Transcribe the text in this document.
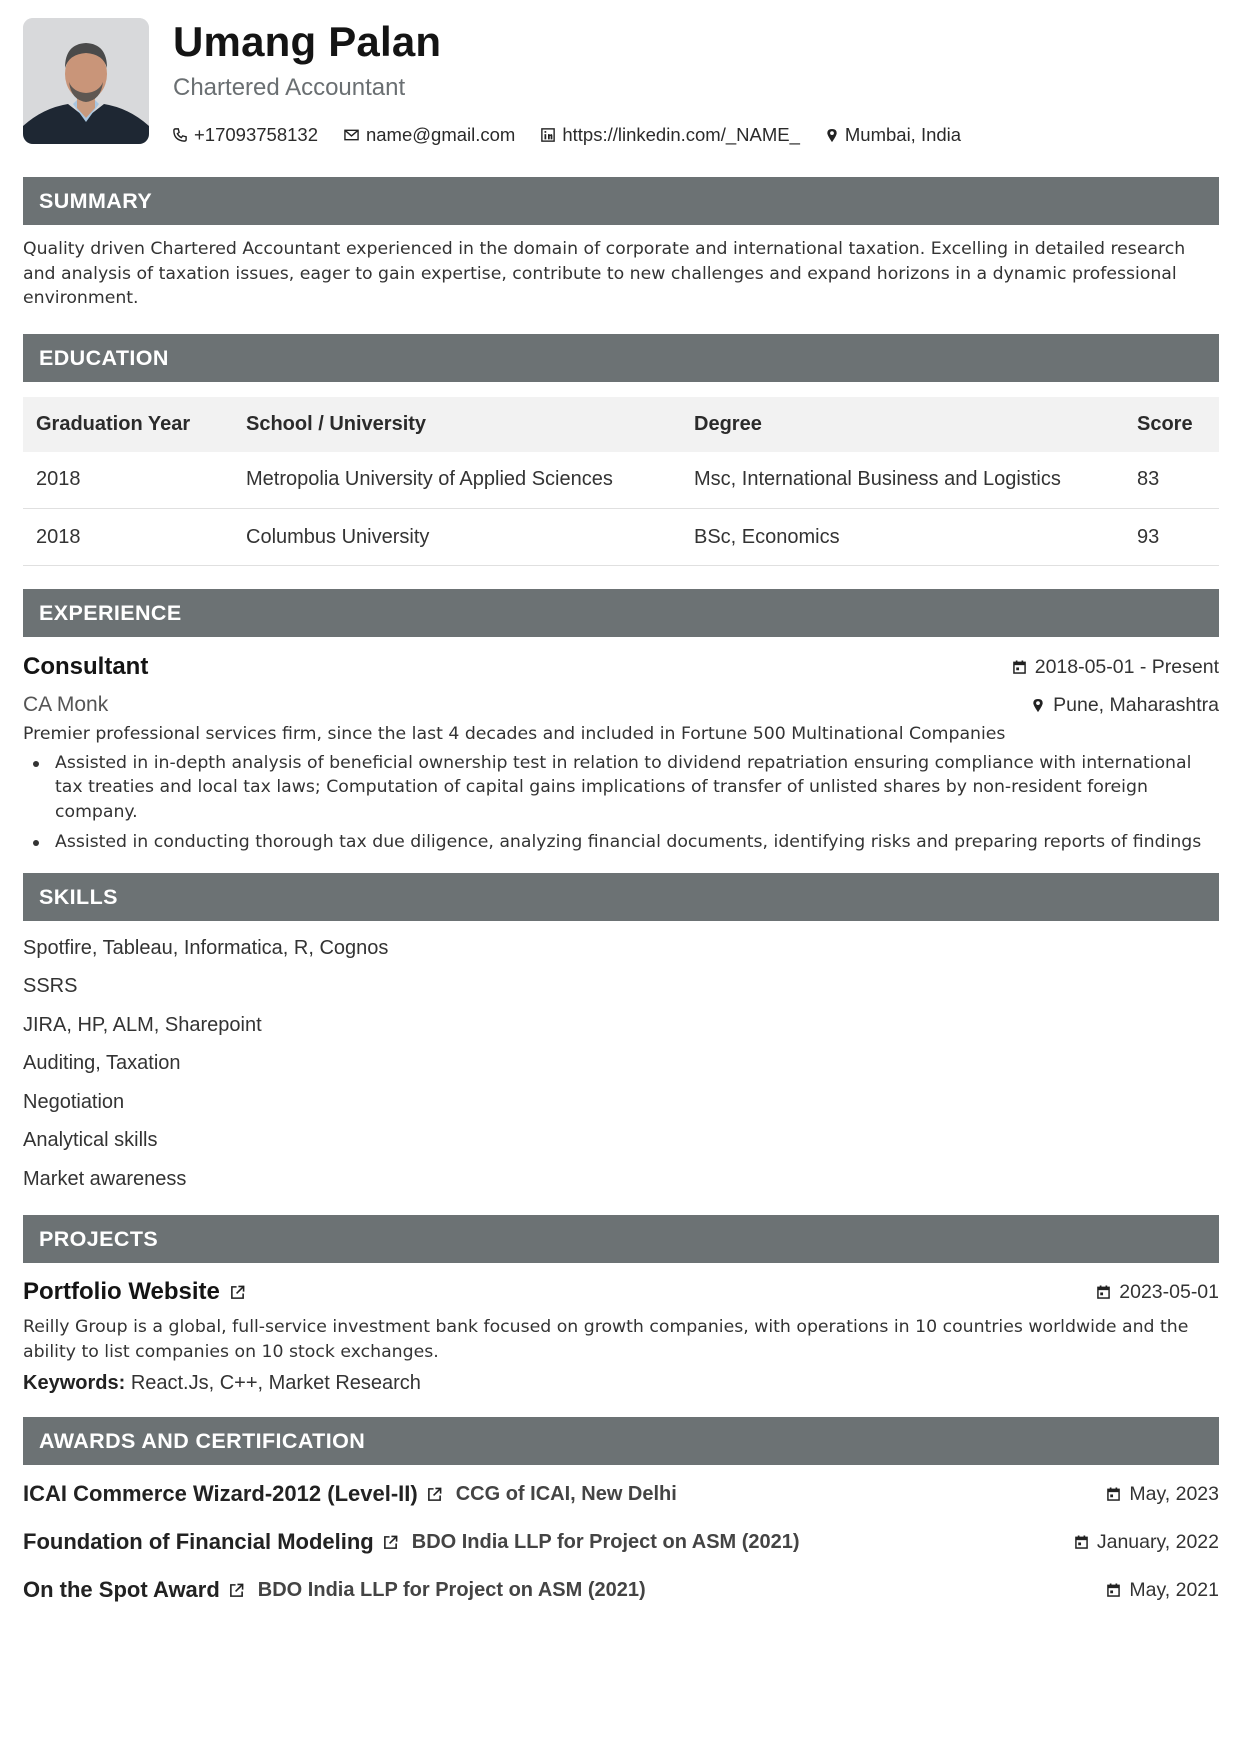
Umang Palan
Chartered Accountant
+17093758132	name@gmail.com	https://linkedin.com/_NAME_ Mumbai, India
SUMMARY
Quality driven Chartered Accountant experienced in the domain of corporate and international taxation. Excelling in detailed research and analysis of taxation issues, eager to gain expertise, contribute to new challenges and expand horizons in a dynamic professional environment.
EDUCATION
Graduation Year	School / University	Degree	Score
2018	Metropolia University of Applied Sciences	Msc, International Business and Logistics	83
2018	Columbus University	BSc, Economics	93
EXPERIENCE
Consultant	2018-05-01 - Present
CA Monk	Pune, Maharashtra
Premier professional services firm, since the last 4 decades and included in Fortune 500 Multinational Companies
Assisted in in-depth analysis of beneficial ownership test in relation to dividend repatriation ensuring compliance with international tax treaties and local tax laws; Computation of capital gains implications of transfer of unlisted shares by non-resident foreign company.
Assisted in conducting thorough tax due diligence, analyzing financial documents, identifying risks and preparing reports of findings
SKILLS
Spotfire, Tableau, Informatica, R, Cognos
SSRS
JIRA, HP, ALM, Sharepoint
Auditing, Taxation
Negotiation
Analytical skills
Market awareness
PROJECTS
Portfolio Website	2023-05-01
Reilly Group is a global, full-service investment bank focused on growth companies, with operations in 10 countries worldwide and the ability to list companies on 10 stock exchanges.
Keywords: React.Js, C++, Market Research
AWARDS AND CERTIFICATION
ICAI Commerce Wizard-2012 (Level-II) CCG of ICAI, New Delhi	May, 2023
Foundation of Financial Modeling BDO India LLP for Project on ASM (2021)	January, 2022
On the Spot Award BDO India LLP for Project on ASM (2021)	May, 2021
